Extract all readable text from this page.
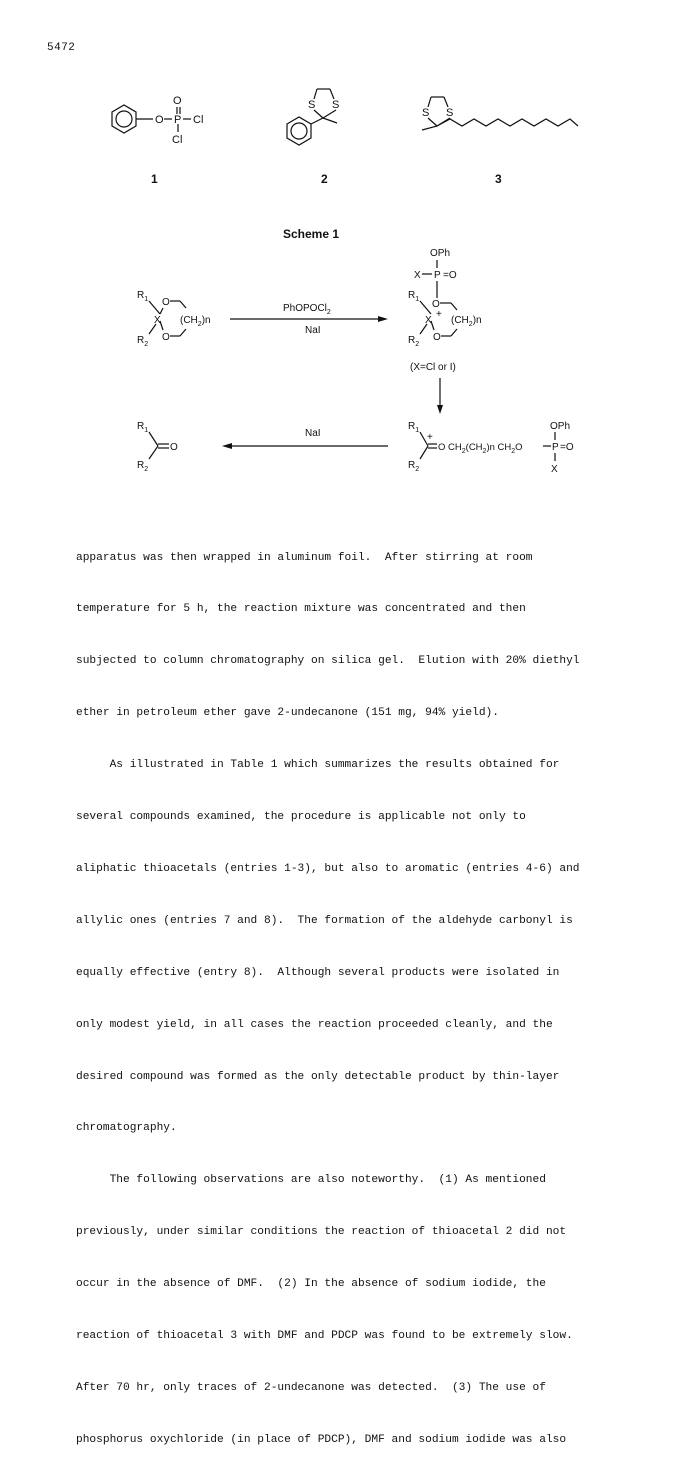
5472
O P
O
Cl
Cl
1
S S
2
S S
3
Scheme 1
$R_1$ O
X
$R_2$
O
$(CH_2)n$
PhOPOCl$_2$
NaI
OPh
X P =O
$R_1$ O
+
X
$R_2$
O
$(CH_2)n$
(X=Cl or I)
$R_1$
+
$R_2$
O $CH_2(CH_2)n$ $CH_2O$	P =O
OPh
X
NaI
$R_1$
O
$R_2$

apparatus was then wrapped in aluminum foil.  After stirring at room

temperature for 5 h, the reaction mixture was concentrated and then

subjected to column chromatography on silica gel.  Elution with 20% diethyl

ether in petroleum ether gave 2-undecanone (151 mg, 94% yield).

As illustrated in Table 1 which summarizes the results obtained for

several compounds examined, the procedure is applicable not only to

aliphatic thioacetals (entries 1-3), but also to aromatic (entries 4-6) and

allylic ones (entries 7 and 8).  The formation of the aldehyde carbonyl is

equally effective (entry 8).  Although several products were isolated in

only modest yield, in all cases the reaction proceeded cleanly, and the

desired compound was formed as the only detectable product by thin-layer

chromatography.

The following observations are also noteworthy.  (1) As mentioned

previously, under similar conditions the reaction of thioacetal 2 did not

occur in the absence of DMF.  (2) In the absence of sodium iodide, the

reaction of thioacetal 3 with DMF and PDCP was found to be extremely slow.

After 70 hr, only traces of 2-undecanone was detected.  (3) The use of

phosphorus oxychloride (in place of PDCP), DMF and sodium iodide was also
